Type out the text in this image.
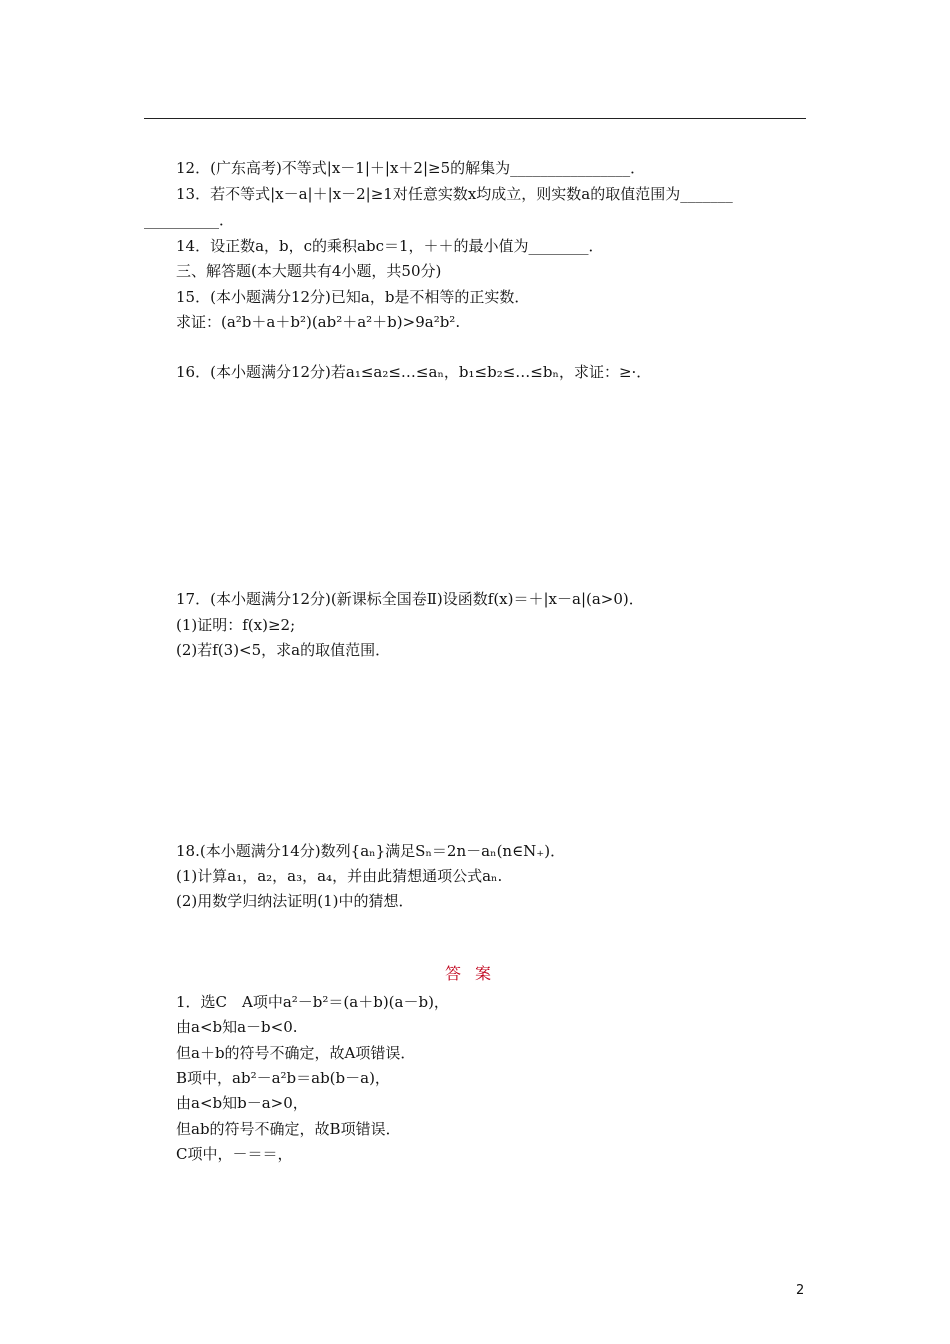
12．(广东高考)不等式|x－1|＋|x＋2|≥5的解集为________________．
13．若不等式|x－a|＋|x－2|≥1对任意实数x均成立，则实数a的取值范围为_______
__________．
14．设正数a，b，c的乘积abc＝1，＋＋的最小值为________．
三、解答题(本大题共有4小题，共50分)
15．(本小题满分12分)已知a，b是不相等的正实数．
求证：(a²b＋a＋b²)(ab²＋a²＋b)>9a²b².
16．(本小题满分12分)若a₁≤a₂≤…≤aₙ，b₁≤b₂≤…≤bₙ，求证：≥·．
17．(本小题满分12分)(新课标全国卷Ⅱ)设函数f(x)＝＋|x－a|(a>0)．
(1)证明：f(x)≥2;
(2)若f(3)<5，求a的取值范围．
18.(本小题满分14分)数列{aₙ}满足Sₙ＝2n－aₙ(n∈N₊)．
(1)计算a₁，a₂，a₃，a₄，并由此猜想通项公式aₙ.
(2)用数学归纳法证明(1)中的猜想．
1．选C　A项中a²－b²＝(a＋b)(a－b)，
由a<b知a－b<0.
但a＋b的符号不确定，故A项错误．
B项中，ab²－a²b＝ab(b－a)，
由a<b知b－a>0，
但ab的符号不确定，故B项错误．
C项中，－＝＝，
答案
2
